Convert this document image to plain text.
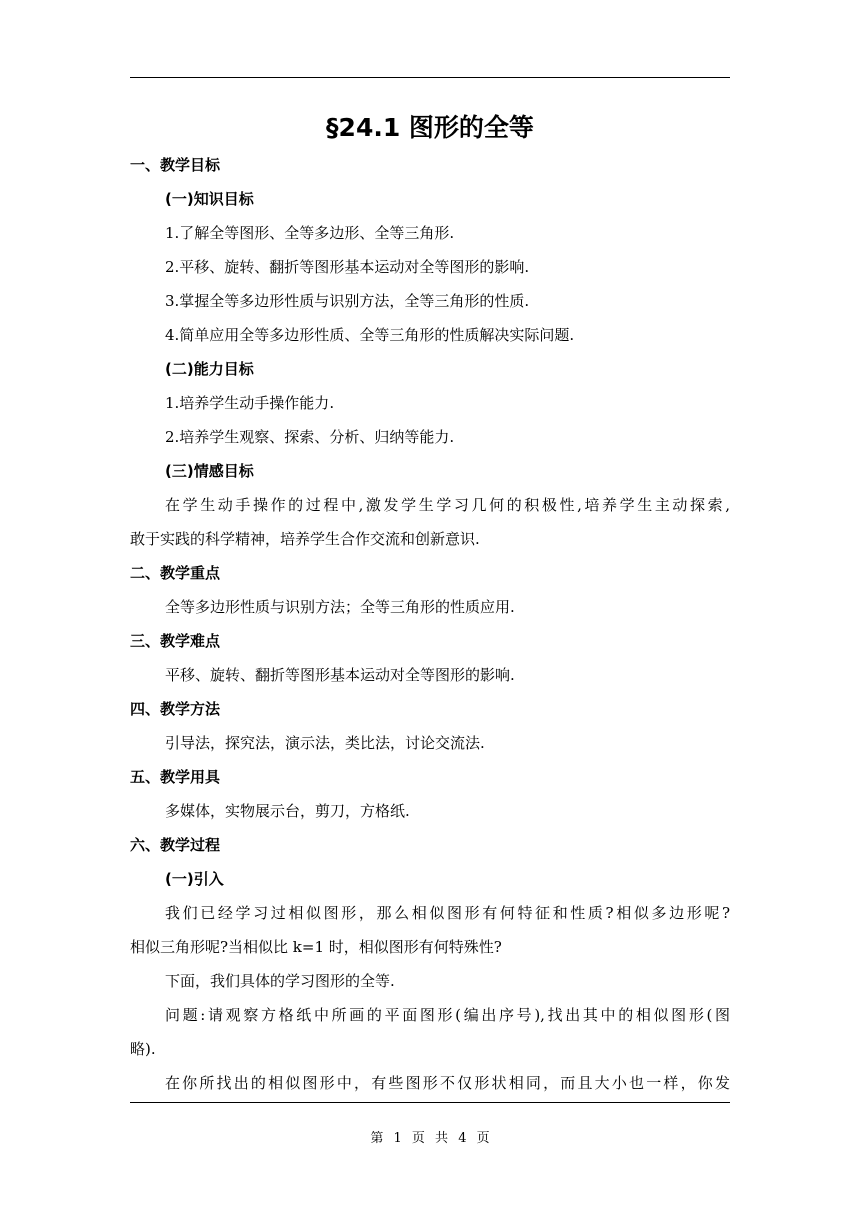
§24.1 图形的全等
一、教学目标
(一)知识目标
1.了解全等图形、全等多边形、全等三角形.
2.平移、旋转、翻折等图形基本运动对全等图形的影响.
3.掌握全等多边形性质与识别方法，全等三角形的性质.
4.简单应用全等多边形性质、全等三角形的性质解决实际问题.
(二)能力目标
1.培养学生动手操作能力.
2.培养学生观察、探索、分析、归纳等能力.
(三)情感目标
在学生动手操作的过程中,激发学生学习几何的积极性,培养学生主动探索,
敢于实践的科学精神，培养学生合作交流和创新意识.
二、教学重点
全等多边形性质与识别方法；全等三角形的性质应用.
三、教学难点
平移、旋转、翻折等图形基本运动对全等图形的影响.
四、教学方法
引导法，探究法，演示法，类比法，讨论交流法.
五、教学用具
多媒体，实物展示台，剪刀，方格纸.
六、教学过程
(一)引入
我们已经学习过相似图形，那么相似图形有何特征和性质?相似多边形呢?
相似三角形呢?当相似比 k=1 时，相似图形有何特殊性?
下面，我们具体的学习图形的全等.
问题:请观察方格纸中所画的平面图形(编出序号),找出其中的相似图形(图
略).
在你所找出的相似图形中，有些图形不仅形状相同，而且大小也一样，你发
第 1 页 共 4 页
